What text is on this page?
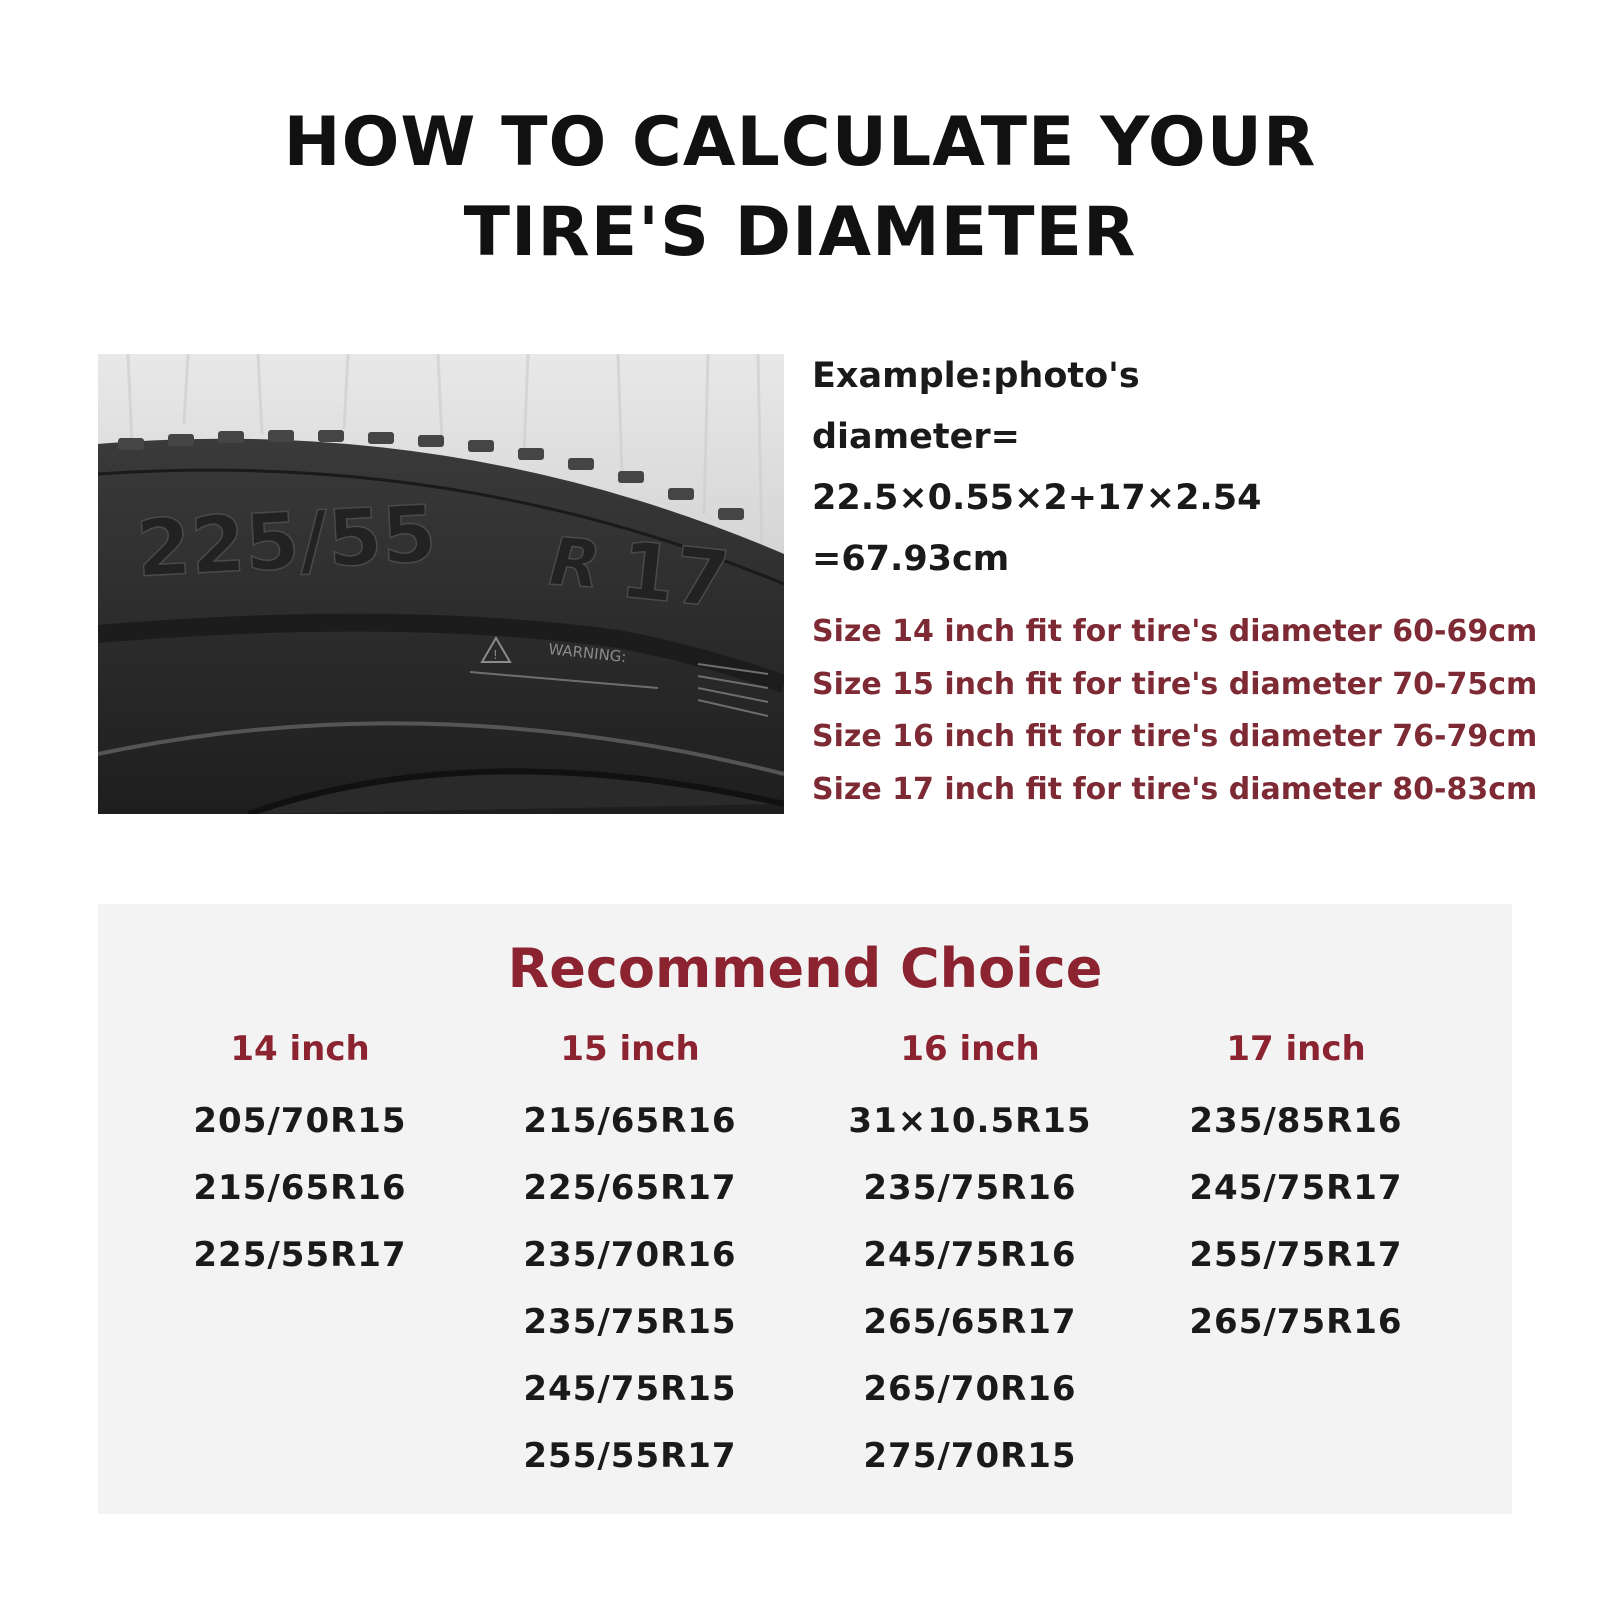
HOW TO CALCULATE YOUR
TIRE'S DIAMETER
225/55 R 17
!	WARNING:
Example:photo's
diameter=
22.5×0.55×2+17×2.54
=67.93cm
Size 14 inch fit for tire's diameter 60-69cm
Size 15 inch fit for tire's diameter 70-75cm
Size 16 inch fit for tire's diameter 76-79cm
Size 17 inch fit for tire's diameter 80-83cm
Recommend Choice
14 inch
205/70R15
215/65R16
225/55R17
15 inch
215/65R16
225/65R17
235/70R16
235/75R15
245/75R15
255/55R17
16 inch
31×10.5R15
235/75R16
245/75R16
265/65R17
265/70R16
275/70R15
17 inch
235/85R16
245/75R17
255/75R17
265/75R16
